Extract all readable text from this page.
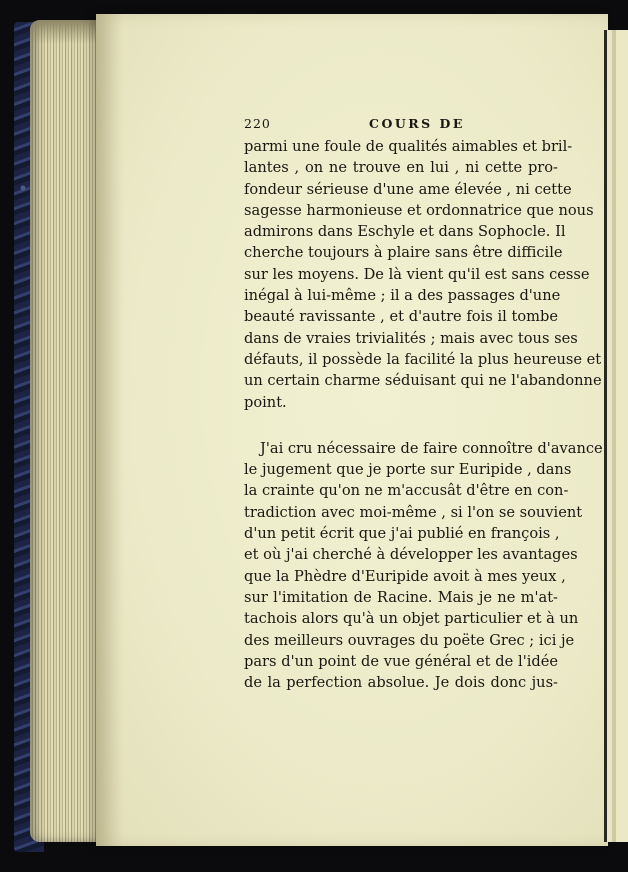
220	COURS DE
parmi une foule de qualités aimables et bril-
lantes , on ne trouve en lui , ni cette pro-
fondeur sérieuse d'une ame élevée , ni cette
sagesse harmonieuse et ordonnatrice que nous
admirons dans Eschyle et dans Sophocle. Il
cherche toujours à plaire sans être difficile
sur les moyens. De là vient qu'il est sans cesse
inégal à lui-même ; il a des passages d'une
beauté ravissante , et d'autre fois il tombe
dans de vraies trivialités ; mais avec tous ses
défauts, il possède la facilité la plus heureuse et
un certain charme séduisant qui ne l'abandonne
point.
J'ai cru nécessaire de faire connoître d'avance
le jugement que je porte sur Euripide , dans
la crainte qu'on ne m'accusât d'être en con-
tradiction avec moi-même , si l'on se souvient
d'un petit écrit que j'ai publié en françois ,
et où j'ai cherché à développer les avantages
que la Phèdre d'Euripide avoit à mes yeux ,
sur l'imitation de Racine. Mais je ne m'at-
tachois alors qu'à un objet particulier et à un
des meilleurs ouvrages du poëte Grec ; ici je
pars d'un point de vue général et de l'idée
de la perfection absolue. Je dois donc jus-
